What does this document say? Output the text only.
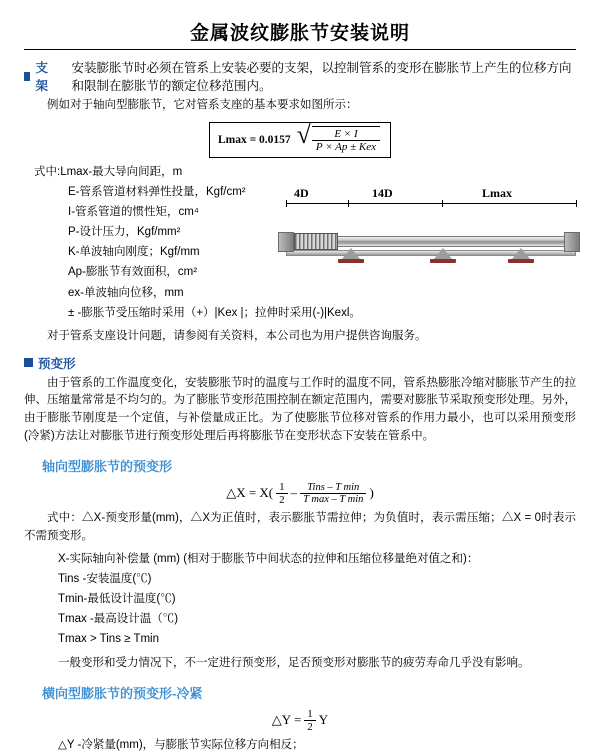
金属波纹膨胀节安装说明
支架
安装膨胀节时必须在管系上安装必要的支架，以控制管系的变形在膨胀节上产生的位移方向和限制在膨胀节的额定位移范围内。

例如对于轴向型膨胀节，它对管系支座的基本要求如图所示：

Lmax = 0.0157 √ $\frac{E \times I}{\text{P × Ap ± Kex}}$
式中:Lmax-最大导向间距，m
E-管系管道材料弹性投量，Kgf/cm²
I-管系管道的惯性矩，cm⁴
P-设计压力，Kgf/mm²
K-单波轴向刚度；Kgf/mm
Ap-膨胀节有效面积，cm²
ex-单波轴向位移，mm
± -膨胀节受压缩时采用（+）|Kex |；拉伸时采用(-)|Kexl。

对于管系支座设计问题，请参阅有关资料，本公司也为用户提供咨询服务。

4D	14D	Lmax
预变形

由于管系的工作温度变化，安装膨胀节时的温度与工作时的温度不同，管系热膨胀冷缩对膨胀节产生的拉伸、压缩量常常是不均匀的。为了膨胀节变形范围控制在额定范围内，需要对膨胀节采取预变形处理。另外，由于膨胀节刚度是一个定值，与补偿量成正比。为了使膨胀节位移对管系的作用力最小，也可以采用预变形(冷紧)方法让对膨胀节进行预变形处理后再将膨胀节在变形状态下安装在管系中。

轴向型膨胀节的预变形
△X = X( 1
$2 - \frac{\text{Tins – T min}}{\text{T max – T min}}$ )

式中：△X-预变形量(mm)，△X为正值时，表示膨胀节需拉伸；为负值时，表示需压缩；△X = 0时表示不需预变形。

X-实际轴向补偿量 (mm) (相对于膨胀节中间状态的拉伸和压缩位移量绝对值之和)：
Tins -安装温度(℃)
Tmin-最低设计温度(℃)
Tmax -最高设计温（℃)
Tmax > Tins ≥ Tmin

一般变形和受力情况下，不一定进行预变形，足否预变形对膨胀节的疲劳寿命几乎没有影响。

横向型膨胀节的预变形-冷紧
△Y = $\frac{1}{2}$ Y

△Y -冷紧量(mm)，与膨胀节实际位移方向相反；
